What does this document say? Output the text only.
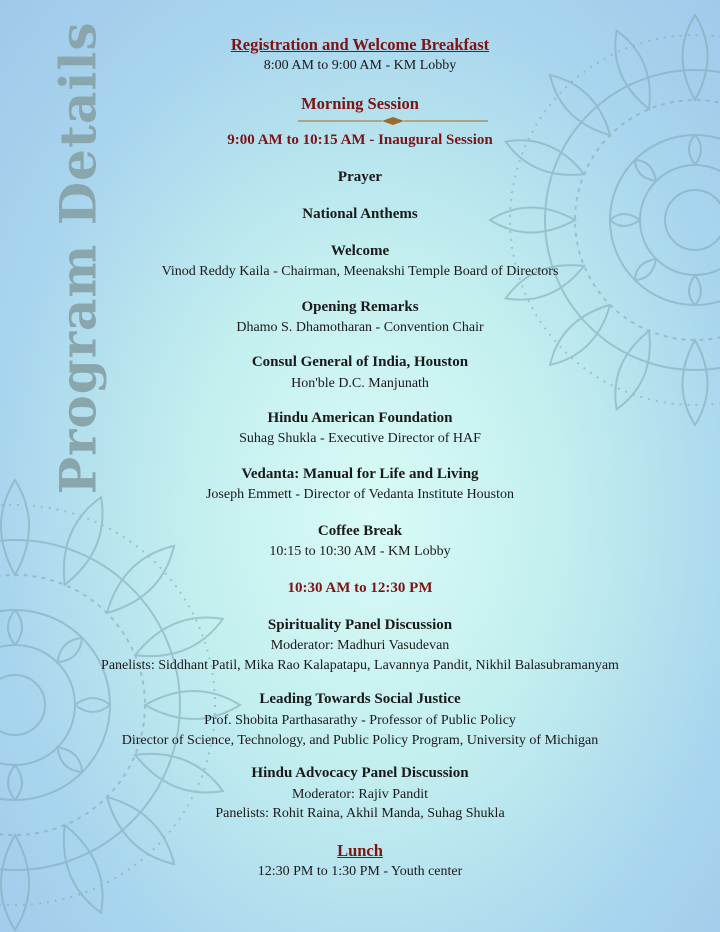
Program Details	Registration and Welcome Breakfast
8:00 AM to 9:00 AM - KM Lobby
Morning Session
9:00 AM to 10:15 AM - Inaugural Session
Prayer
National Anthems
Welcome
Vinod Reddy Kaila - Chairman, Meenakshi Temple Board of Directors
Opening Remarks
Dhamo S. Dhamotharan - Convention Chair
Consul General of India, Houston
Hon'ble D.C. Manjunath
Hindu American Foundation
Suhag Shukla - Executive Director of HAF
Vedanta: Manual for Life and Living
Joseph Emmett - Director of Vedanta Institute Houston
Coffee Break
10:15 to 10:30 AM - KM Lobby
10:30 AM to 12:30 PM
Spirituality Panel Discussion
Moderator: Madhuri Vasudevan
Panelists: Siddhant Patil, Mika Rao Kalapatapu, Lavannya Pandit, Nikhil Balasubramanyam
Leading Towards Social Justice
Prof. Shobita Parthasarathy - Professor of Public Policy
Director of Science, Technology, and Public Policy Program, University of Michigan
Hindu Advocacy Panel Discussion
Moderator: Rajiv Pandit
Panelists: Rohit Raina, Akhil Manda, Suhag Shukla
Lunch
12:30 PM to 1:30 PM - Youth center
